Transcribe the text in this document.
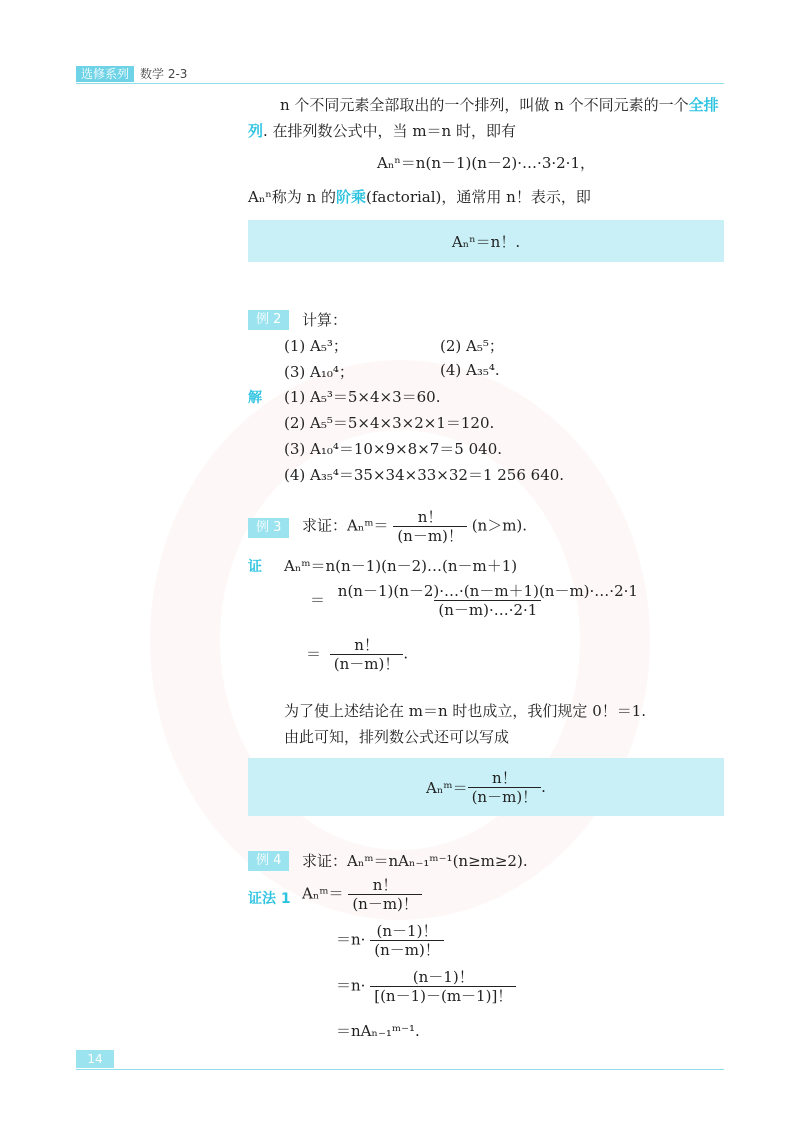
选修系列 数学 2-3
n 个不同元素全部取出的一个排列，叫做 n 个不同元素的一个全排列. 在排列数公式中，当 m＝n 时，即有
Aₙⁿ＝n(n－1)(n－2)·…·3·2·1，
Aₙⁿ称为 n 的阶乘(factorial)，通常用 n！表示，即
Aₙⁿ＝n！.
例 2	计算：
(1) A₅³；	(2) A₅⁵；
(3) A₁₀⁴；	(4) A₃₅⁴.
解 (1) A₅³＝5×4×3＝60.
(2) A₅⁵＝5×4×3×2×1＝120.
(3) A₁₀⁴＝10×9×8×7＝5 040.
(4) A₃₅⁴＝35×34×33×32＝1 256 640.
例 3	求证：Aₙᵐ＝ $\frac{n!}{(n-m)!} (n>m)$.
证 Aₙᵐ＝n(n－1)(n－2)…(n－m＋1)
＝ $\frac{n(n-1)(n-2)\cdot\dots\cdot(n-m+1)(n-m)\cdot\dots\cdot 2\cdot 1}{(n-m)\cdot\dots\cdot 2\cdot 1}$
＝ $\frac{n!}{(n-m)!}$ .
为了使上述结论在 m＝n 时也成立，我们规定 0！＝1.
由此可知，排列数公式还可以写成
Aₙᵐ＝ $\frac{n!}{(n-m)!}$ .
例 4	求证：Aₙᵐ＝nAₙ₋₁ᵐ⁻¹(n≥m≥2).
证法 1 Aₙᵐ＝ $\frac{n!}{(n-m)!}$
$=n\cdot \frac{(n-1)!}{(n-m)!}$
$=n\cdot \frac{(n-1)!}{[(n-1)-(m-1)]!}$
＝nAₙ₋₁ᵐ⁻¹.
14
